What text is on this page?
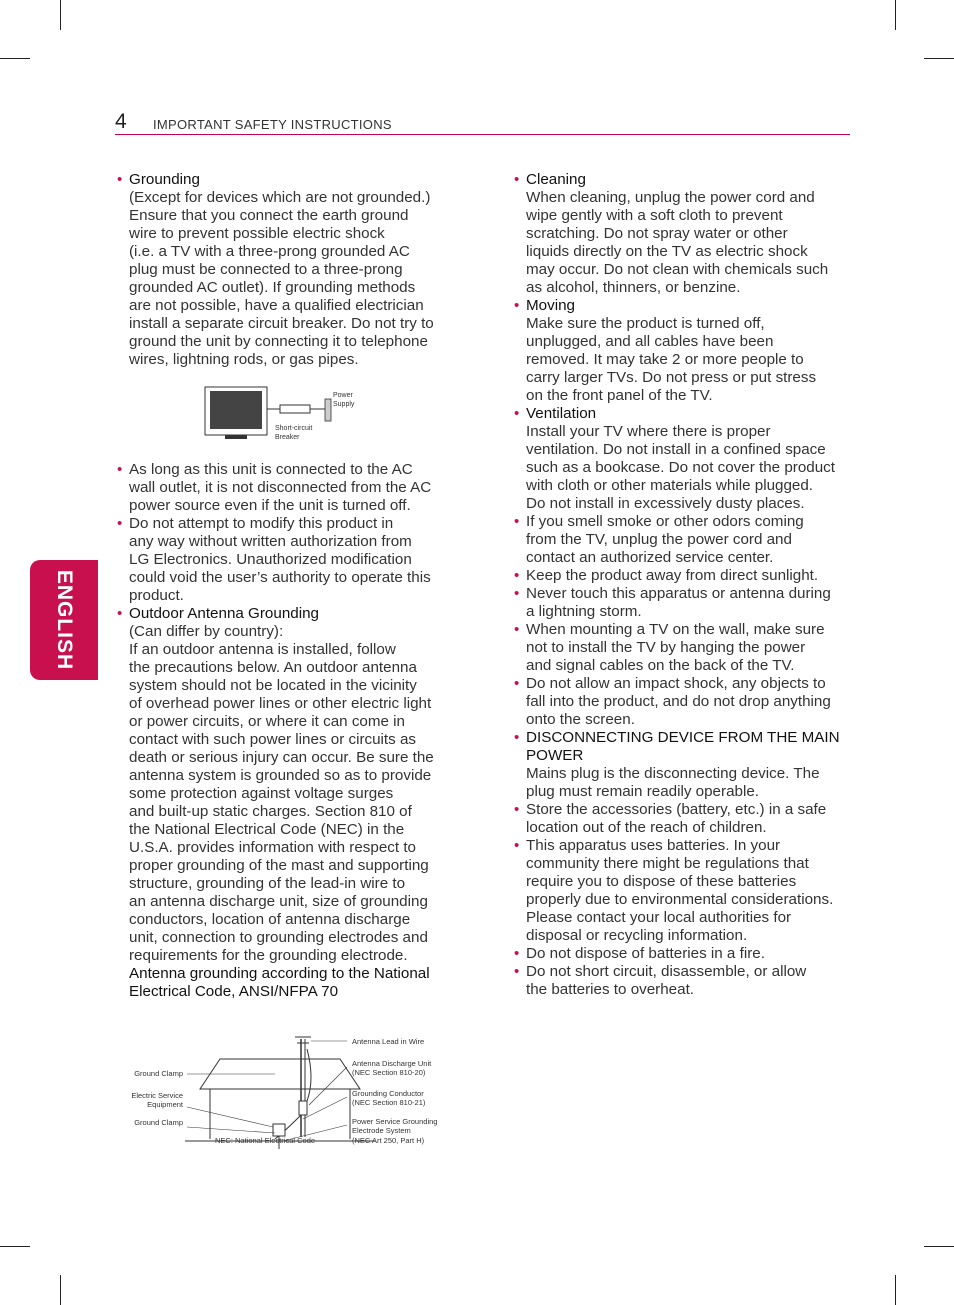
4 IMPORTANT SAFETY INSTRUCTIONS
ENGLISH
• Grounding
(Except for devices which are not grounded.)
Ensure that you connect the earth ground
wire to prevent possible electric shock
(i.e. a TV with a three-prong grounded AC
plug must be connected to a three-prong
grounded AC outlet). If grounding methods
are not possible, have a qualified electrician
install a separate circuit breaker. Do not try to
ground the unit by connecting it to telephone
wires, lightning rods, or gas pipes.
Short-circuit
Breaker
Power
Supply
• As long as this unit is connected to the AC
wall outlet, it is not disconnected from the AC
power source even if the unit is turned off.
• Do not attempt to modify this product in
any way without written authorization from
LG Electronics. Unauthorized modification
could void the user’s authority to operate this
product.
• Outdoor Antenna Grounding
(Can differ by country):
If an outdoor antenna is installed, follow
the precautions below. An outdoor antenna
system should not be located in the vicinity
of overhead power lines or other electric light
or power circuits, or where it can come in
contact with such power lines or circuits as
death or serious injury can occur. Be sure the
antenna system is grounded so as to provide
some protection against voltage surges
and built-up static charges. Section 810 of
the National Electrical Code (NEC) in the
U.S.A. provides information with respect to
proper grounding of the mast and supporting
structure, grounding of the lead-in wire to
an antenna discharge unit, size of grounding
conductors, location of antenna discharge
unit, connection to grounding electrodes and
requirements for the grounding electrode.
Antenna grounding according to the National
Electrical Code, ANSI/NFPA 70
Ground Clamp
Electric Service
Equipment
Ground Clamp
NEC: National Electrical Code
Antenna Lead in Wire
Antenna Discharge Unit
(NEC Section 810-20)
Grounding Conductor
(NEC Section 810-21)
Power Service Grounding
Electrode System
(NEC Art 250, Part H)
• Cleaning
When cleaning, unplug the power cord and
wipe gently with a soft cloth to prevent
scratching. Do not spray water or other
liquids directly on the TV as electric shock
may occur. Do not clean with chemicals such
as alcohol, thinners, or benzine.
• Moving
Make sure the product is turned off,
unplugged, and all cables have been
removed. It may take 2 or more people to
carry larger TVs. Do not press or put stress
on the front panel of the TV.
• Ventilation
Install your TV where there is proper
ventilation. Do not install in a confined space
such as a bookcase. Do not cover the product
with cloth or other materials while plugged.
Do not install in excessively dusty places.
• If you smell smoke or other odors coming
from the TV, unplug the power cord and
contact an authorized service center.
• Keep the product away from direct sunlight.
• Never touch this apparatus or antenna during
a lightning storm.
• When mounting a TV on the wall, make sure
not to install the TV by hanging the power
and signal cables on the back of the TV.
• Do not allow an impact shock, any objects to
fall into the product, and do not drop anything
onto the screen.
• DISCONNECTING DEVICE FROM THE MAIN
POWER
Mains plug is the disconnecting device. The
plug must remain readily operable.
• Store the accessories (battery, etc.) in a safe
location out of the reach of children.
• This apparatus uses batteries. In your
community there might be regulations that
require you to dispose of these batteries
properly due to environmental considerations.
Please contact your local authorities for
disposal or recycling information.
• Do not dispose of batteries in a fire.
• Do not short circuit, disassemble, or allow
the batteries to overheat.
